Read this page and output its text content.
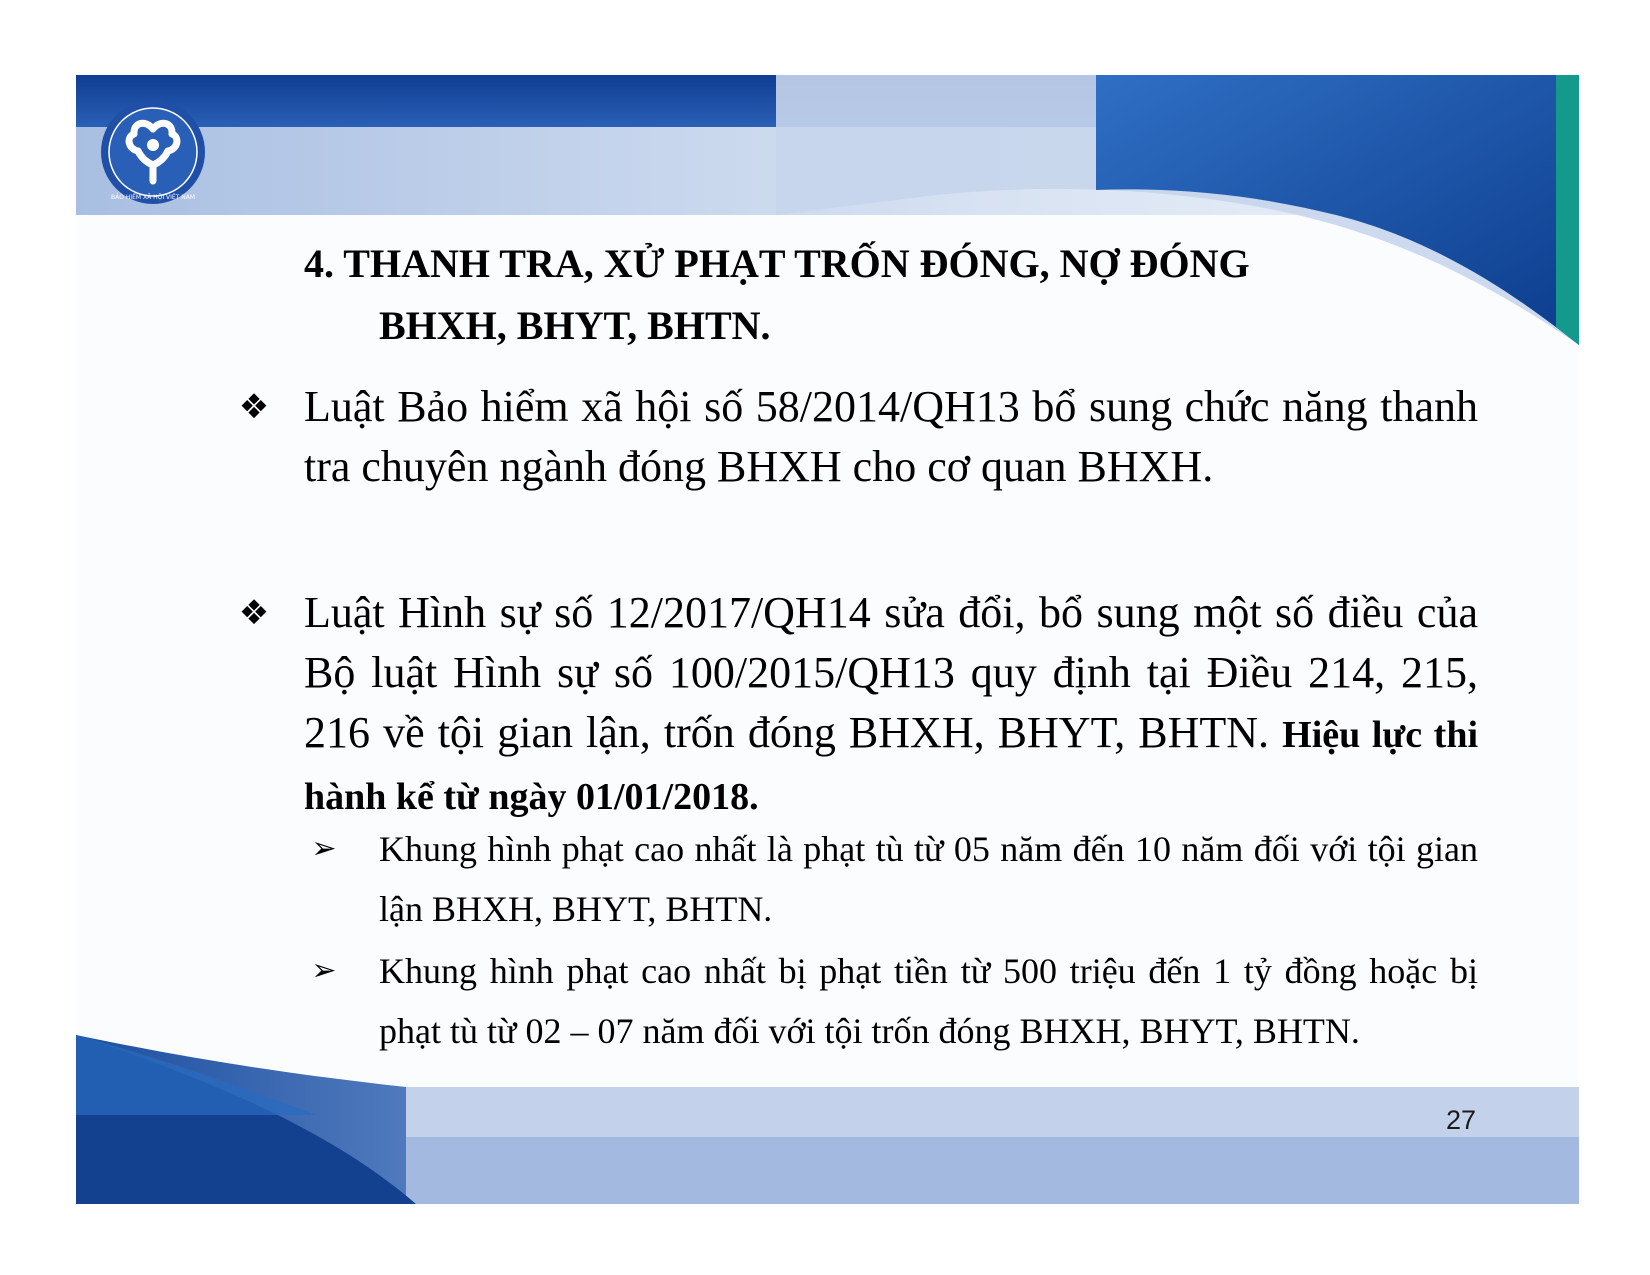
BẢO HIỂM XÃ HỘI VIỆT NAM
4. THANH TRA, XỬ PHẠT TRỐN ĐÓNG, NỢ ĐÓNG
BHXH, BHYT, BHTN.
❖ Luật Bảo hiểm xã hội số 58/2014/QH13 bổ sung chức năng thanh tra chuyên ngành đóng BHXH cho cơ quan BHXH.
❖ Luật Hình sự số 12/2017/QH14 sửa đổi, bổ sung một số điều của Bộ luật Hình sự số 100/2015/QH13 quy định tại Điều 214, 215, 216 về tội gian lận, trốn đóng BHXH, BHYT, BHTN. Hiệu lực thi hành kể từ ngày 01/01/2018.
➢ Khung hình phạt cao nhất là phạt tù từ 05 năm đến 10 năm đối với tội gian lận BHXH, BHYT, BHTN.
➢ Khung hình phạt cao nhất bị phạt tiền từ 500 triệu đến 1 tỷ đồng hoặc bị phạt tù từ 02 – 07 năm đối với tội trốn đóng BHXH, BHYT, BHTN.
27
